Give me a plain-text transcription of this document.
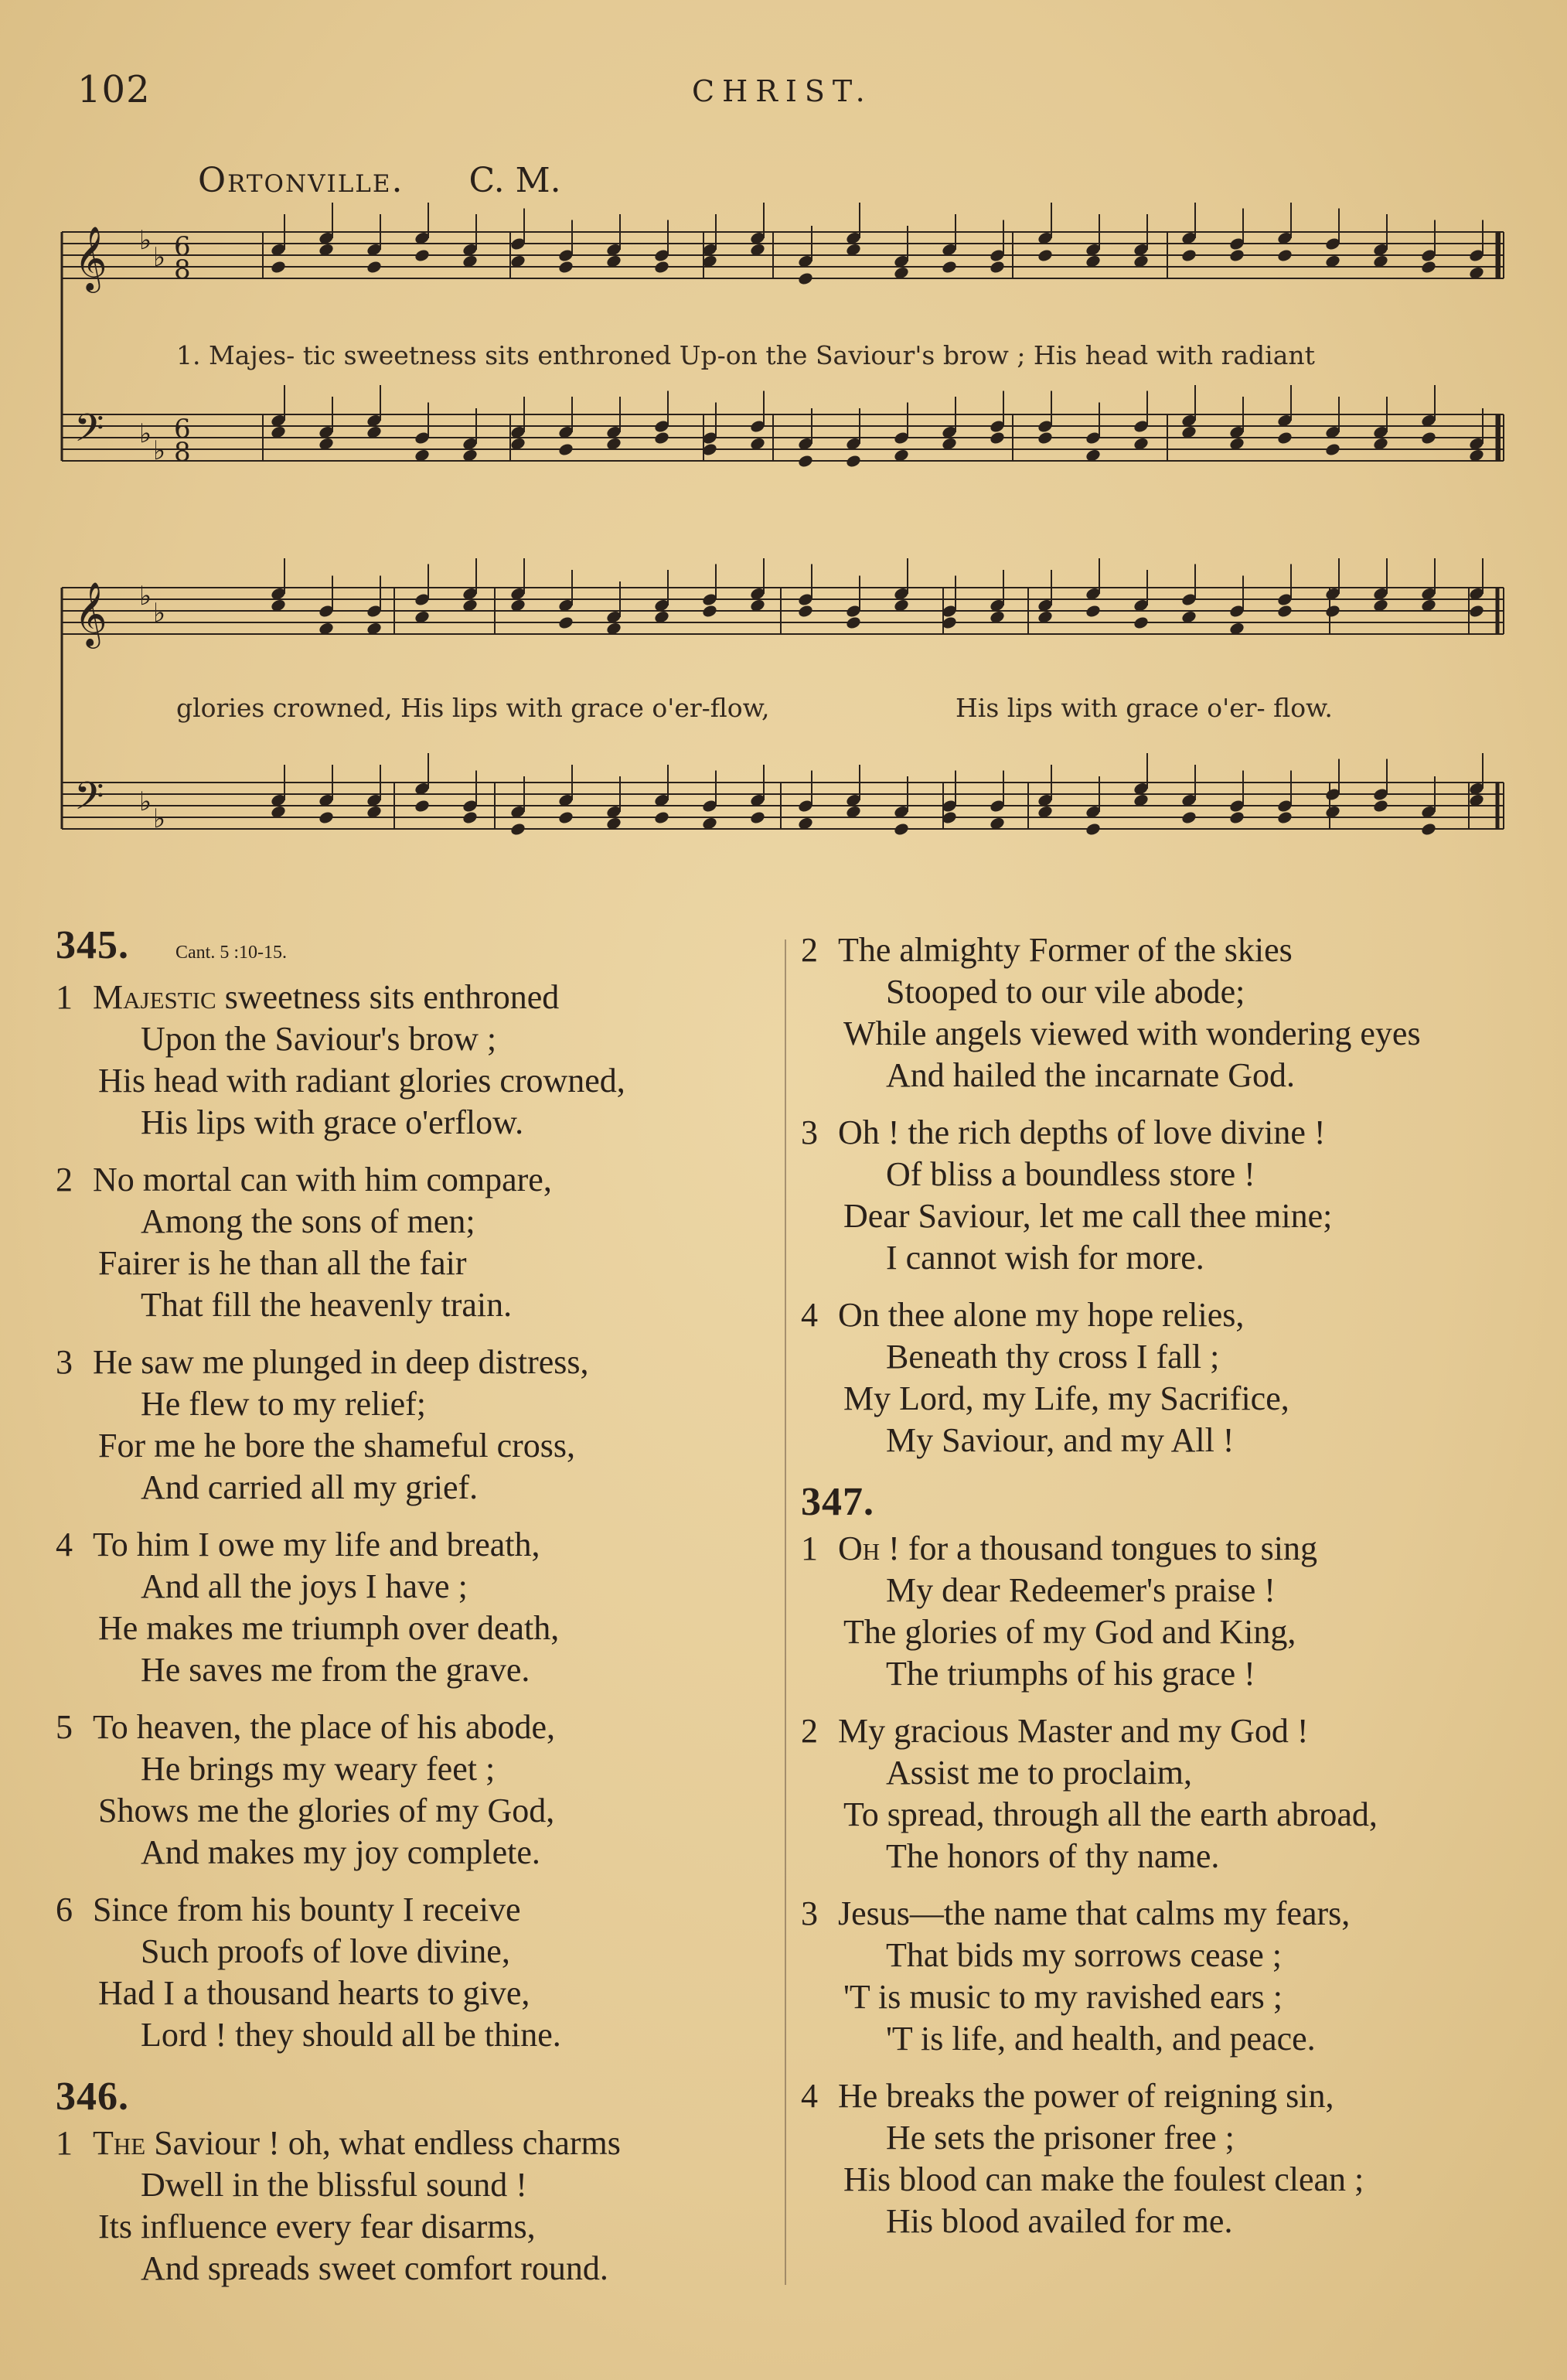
102	CHRIST.
Ortonville. C. M.
𝄞
𝄢
♭
♭
♭
♭
6
8
6
8
𝄞
𝄢
♭
♭
♭
♭
1. Majes- tic sweetness sits enthroned Up-on the Saviour's brow ; His head with radiant
glories crowned, His lips with grace o'er-flow,	His lips with grace o'er- flow.
345.	Cant. 5 :10-15.
1 Majestic sweetness sits enthroned
Upon the Saviour's brow ;
His head with radiant glories crowned,
His lips with grace o'erflow.
2 No mortal can with him compare,
Among the sons of men;
Fairer is he than all the fair
That fill the heavenly train.
3 He saw me plunged in deep distress,
He flew to my relief;
For me he bore the shameful cross,
And carried all my grief.
4 To him I owe my life and breath,
And all the joys I have ;
He makes me triumph over death,
He saves me from the grave.
5 To heaven, the place of his abode,
He brings my weary feet ;
Shows me the glories of my God,
And makes my joy complete.
6 Since from his bounty I receive
Such proofs of love divine,
Had I a thousand hearts to give,
Lord ! they should all be thine.
346.
1 The Saviour ! oh, what endless charms
Dwell in the blissful sound !
Its influence every fear disarms,
And spreads sweet comfort round.
2 The almighty Former of the skies
Stooped to our vile abode;
While angels viewed with wondering eyes
And hailed the incarnate God.
3 Oh ! the rich depths of love divine !
Of bliss a boundless store !
Dear Saviour, let me call thee mine;
I cannot wish for more.
4 On thee alone my hope relies,
Beneath thy cross I fall ;
My Lord, my Life, my Sacrifice,
My Saviour, and my All !
347.
1 Oh ! for a thousand tongues to sing
My dear Redeemer's praise !
The glories of my God and King,
The triumphs of his grace !
2 My gracious Master and my God !
Assist me to proclaim,
To spread, through all the earth abroad,
The honors of thy name.
3 Jesus—the name that calms my fears,
That bids my sorrows cease ;
'T is music to my ravished ears ;
'T is life, and health, and peace.
4 He breaks the power of reigning sin,
He sets the prisoner free ;
His blood can make the foulest clean ;
His blood availed for me.
